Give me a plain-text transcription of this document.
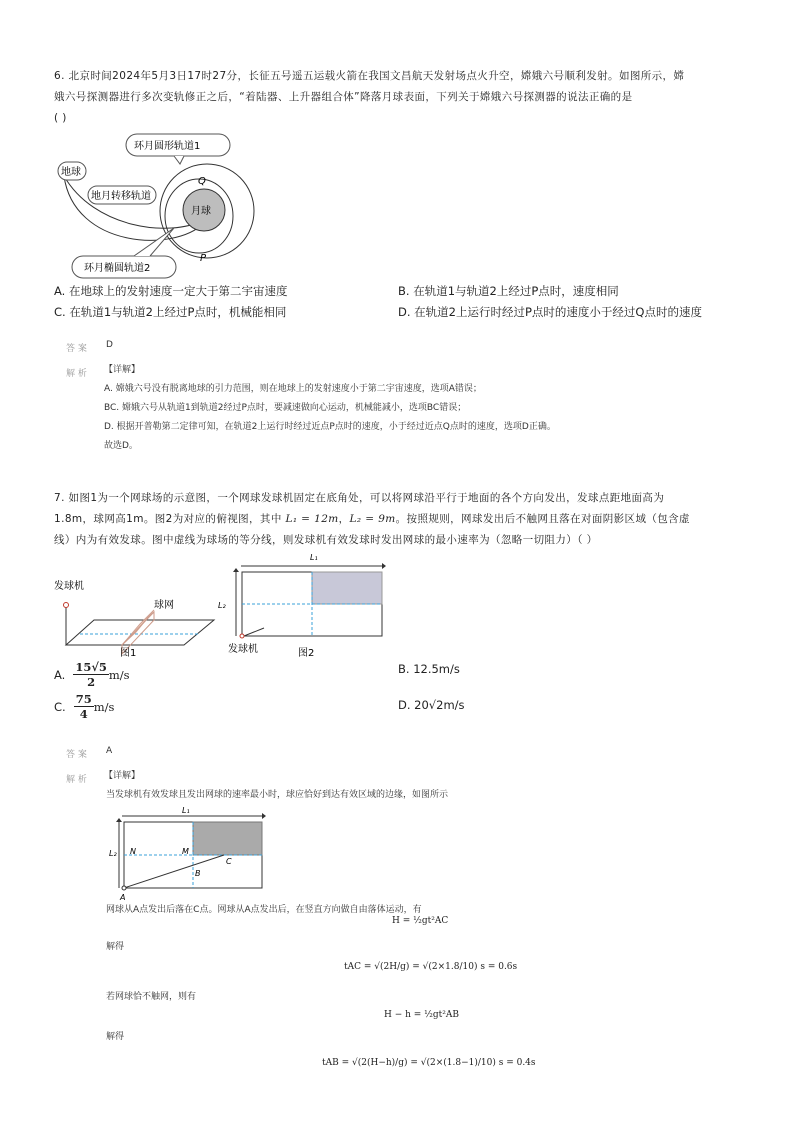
6. 北京时间2024年5月3日17时27分，长征五号遥五运载火箭在我国文昌航天发射场点火升空，嫦娥六号顺利发射。如图所示，嫦
娥六号探测器进行多次变轨修正之后，“着陆器、上升器组合体”降落月球表面，下列关于嫦娥六号探测器的说法正确的是
( )
月球
地球
地月转移轨道
环月圆形轨道1
环月椭圆轨道2
Q
P
A. 在地球上的发射速度一定大于第二宇宙速度	B. 在轨道1与轨道2上经过P点时，速度相同
C. 在轨道1与轨道2上经过P点时，机械能相同	D. 在轨道2上运行时经过P点时的速度小于经过Q点时的速度
答 案 D
解 析 【详解】
A. 嫦娥六号没有脱离地球的引力范围，则在地球上的发射速度小于第二宇宙速度，选项A错误；
BC. 嫦娥六号从轨道1到轨道2经过P点时，要减速做向心运动，机械能减小，选项BC错误；
D. 根据开普勒第二定律可知，在轨道2上运行时经过近点P点时的速度，小于经过近点Q点时的速度，选项D正确。
故选D。
7. 如图1为一个网球场的示意图，一个网球发球机固定在底角处，可以将网球沿平行于地面的各个方向发出，发球点距地面高为
1.8m，球网高1m。图2为对应的俯视图，其中 L₁ = 12m，L₂ = 9m。按照规则，网球发出后不触网且落在对面阴影区域（包含虚
线）内为有效发球。图中虚线为球场的等分线，则发球机有效发球时发出网球的最小速率为（忽略一切阻力）（ ）
发球机
球网
图1
L₁
L₂
发球机	图2
A. $\frac{15√5}{2} m/s$	B. 12.5m/s
C. $\frac{75}{4} m/s$	D. 20√2m/s
答 案 A
解 析 【详解】
当发球机有效发球且发出网球的速率最小时，球应恰好到达有效区域的边缘，如图所示
L₁
L₂ N	M
C
B
A
网球从A点发出后落在C点。网球从A点发出后，在竖直方向做自由落体运动，有
H = ½gt²AC
解得
tAC = √(2H/g) = √(2×1.8/10) s = 0.6s
若网球恰不触网，则有
H − h = ½gt²AB
解得
tAB = √(2(H−h)/g) = √(2×(1.8−1)/10) s = 0.4s
